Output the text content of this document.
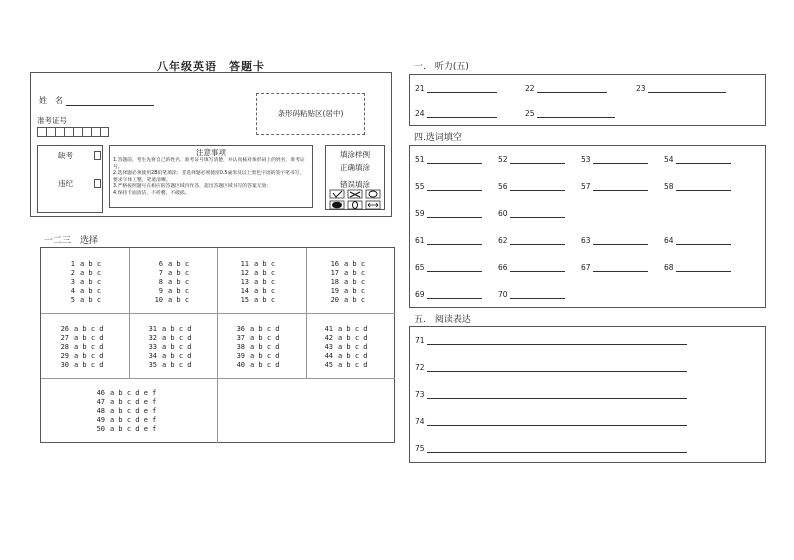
八年级英语　答题卡
姓　名
准考证号
条形码粘贴区(居中)
缺考
违纪
注意事项
1.答题前，考生先将自己的姓名、准考证号填写清楚，并认真核对条形码上的姓名、准考证号。
2.选择题必须使用2B铅笔填涂；非选择题必须使用0.5毫米及以上黑色字迹的签字笔书写，要求字体工整，笔迹清晰。
3.严格按照题号在相应的答题区域内作答，超出答题区域书写的答案无效；
4.保持卡面清洁，不折叠，不破损。
填涂样例
正确填涂
错误填涂
一二三　选择
1 a b c
2 a b c
3 a b c
4 a b c
5 a b c
6 a b c
7 a b c
8 a b c
9 a b c
10 a b c
11 a b c
12 a b c
13 a b c
14 a b c
15 a b c
16 a b c
17 a b c
18 a b c
19 a b c
20 a b c
26 a b c d
27 a b c d
28 a b c d
29 a b c d
30 a b c d
31 a b c d
32 a b c d
33 a b c d
34 a b c d
35 a b c d
36 a b c d
37 a b c d
38 a b c d
39 a b c d
40 a b c d
41 a b c d
42 a b c d
43 a b c d
44 a b c d
45 a b c d
46 a b c d e f
47 a b c d e f
48 a b c d e f
49 a b c d e f
50 a b c d e f
一.　听力(五)
21	22	23
24	25
四.选词填空
51	52	53	54
55	56	57	58
59	60
61	62	63	64
65	66	67	68
69	70
五.　阅读表达
71
72
73
74
75
